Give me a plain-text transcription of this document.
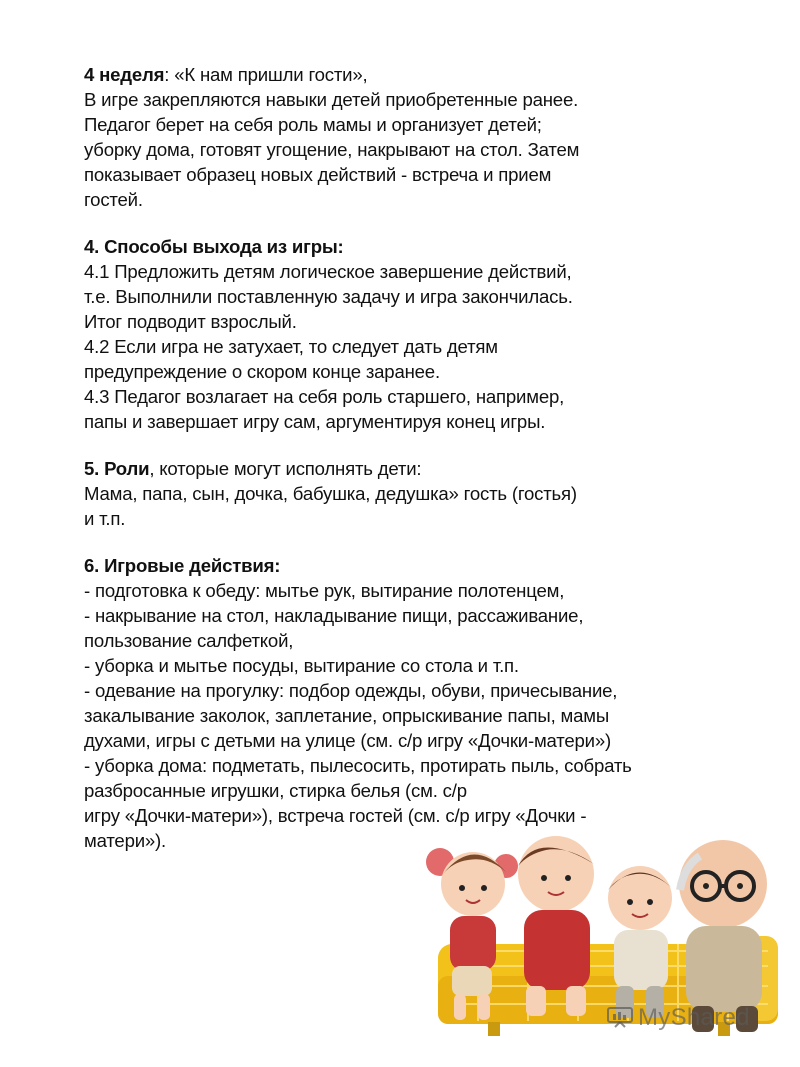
4 неделя: «К нам пришли гости»,
В игре закрепляются навыки детей приобретенные ранее.
Педагог берет на себя роль мамы и организует детей;
уборку дома, готовят угощение, накрывают на стол. Затем
показывает образец новых действий - встреча и прием
гостей.
4. Способы выхода из игры:
4.1 Предложить детям логическое завершение действий,
т.е. Выполнили поставленную задачу и игра закончилась.
Итог подводит взрослый.
4.2 Если игра не затухает, то следует дать детям
предупреждение о скором конце заранее.
4.3 Педагог возлагает на себя роль старшего, например,
папы и завершает игру сам, аргументируя конец игры.
5. Роли, которые могут исполнять дети:
Мама, папа, сын, дочка, бабушка, дедушка» гость (гостья)
и т.п.
6. Игровые действия:
- подготовка к обеду: мытье рук, вытирание полотенцем,
- накрывание на стол, накладывание пищи, рассаживание,
пользование салфеткой,
- уборка и мытье посуды, вытирание со стола и т.п.
- одевание на прогулку: подбор одежды, обуви, причесывание,
закалывание заколок, заплетание, опрыскивание папы, мамы
духами, игры с детьми на улице (см. с/р игру «Дочки-матери»)
- уборка дома: подметать, пылесосить, протирать пыль, собрать
разбросанные игрушки, стирка белья (см. с/р
игру «Дочки-матери»), встреча гостей (см. с/р игру «Дочки -
матери»).
MyShared
